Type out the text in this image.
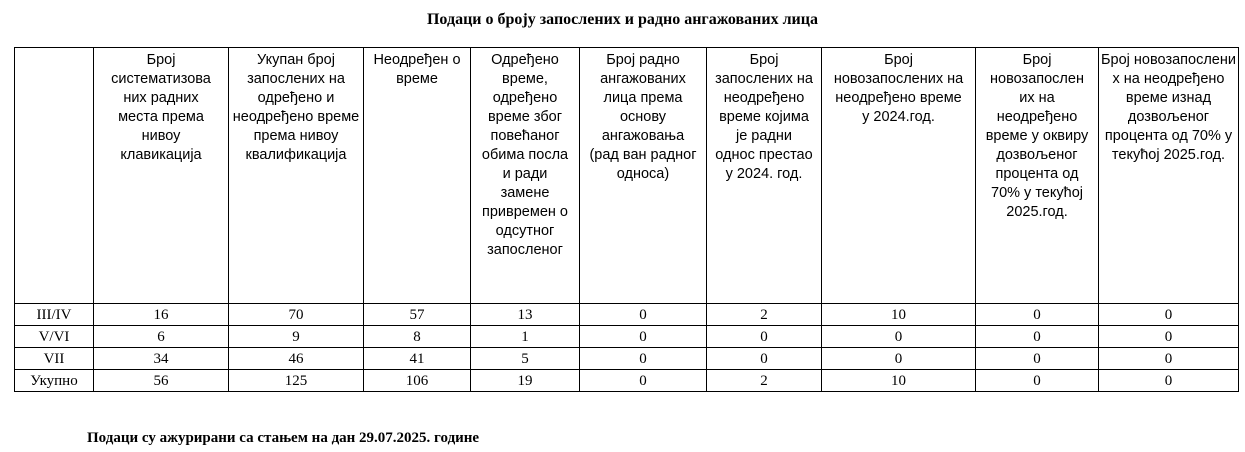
Подаци о броју запослених и радно ангажованих лица
	Број систематизова них радних места према нивоу клавикација	Укупан број запослених на одређено и неодређено време према нивоу квалификација	Неодређен о време	Одређено време, одређено време због повећаног обима посла и ради замене привремен о одсутног запосленог	Број радно ангажованих лица према основу ангажовања (рад ван радног односа)	Број запослених на неодређено време којима је радни однос престао у 2024. год.	Број новозапослених на неодређено време у 2024.год.	Број новозапослен их на неодређено време у оквиру дозвољеног процента од 70% у текућој 2025.год.	Број новозапослени х на неодређено време изнад дозвољеног процента од 70% у текућој 2025.год.
III/IV	16	70	57	13	0	2	10	0	0
V/VI	6	9	8	1	0	0	0	0	0
VII	34	46	41	5	0	0	0	0	0
Укупно	56	125	106	19	0	2	10	0	0
Подаци су ажурирани са стањем на дан 29.07.2025. године
